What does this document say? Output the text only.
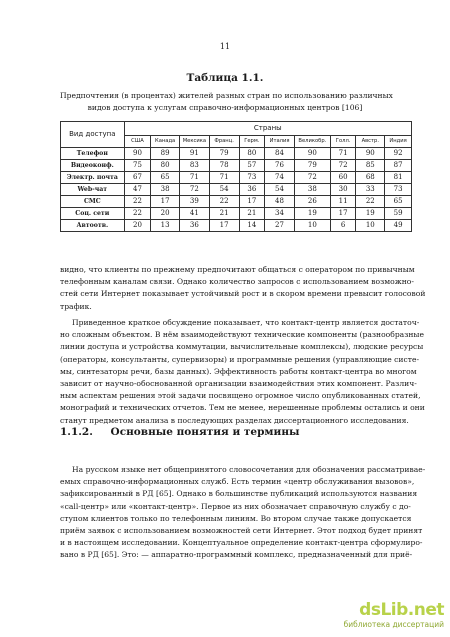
11
Таблица 1.1.
Предпочтения (в процентах) жителей разных стран по использованию различных
видов доступа к услугам справочно-информационных центров [106]
Вид доступа	Страны									
	США	Канада	Мексика	Франц.	Герм.	Италия	Великобр.	Голл.	Австр.	Индия
Телефон	90	89	91	79	80	84	90	71	90	92
Видеоконф.	75	80	83	78	57	76	79	72	85	87
Электр. почта	67	65	71	71	73	74	72	60	68	81
Web-чат	47	38	72	54	36	54	38	30	33	73
СМС	22	17	39	22	17	48	26	11	22	65
Соц. сети	22	20	41	21	21	34	19	17	19	59
Автоотв.	20	13	36	17	14	27	10	6	10	49
видно, что клиенты по прежнему предпочитают общаться с оператором по привычным
телефонным каналам связи. Однако количество запросов с использованием возможно-
стей сети Интернет показывает устойчивый рост и в скором времени превысит голосовой
трафик.
Приведенное краткое обсуждение показывает, что контакт-центр является достаточ-
но сложным объектом. В нём взаимодействуют технические компоненты (разнообразные
линии доступа и устройства коммутации, вычислительные комплексы), людские ресурсы
(операторы, консультанты, супервизоры) и программные решения (управляющие систе-
мы, синтезаторы речи, базы данных). Эффективность работы контакт-центра во многом
зависит от научно-обоснованной организации взаимодействия этих компонент. Различ-
ным аспектам решения этой задачи посвящено огромное число опубликованных статей,
монографий и технических отчетов. Тем не менее, нерешенные проблемы остались и они
станут предметом анализа в последующих разделах диссертационного исследования.
1.1.2. Основные понятия и термины
На русском языке нет общепринятого словосочетания для обозначения рассматривае-
емых справочно-информационных служб. Есть термин «центр обслуживания вызовов»,
зафиксированный в РД [65]. Однако в большинстве публикаций используются названия
«call-центр» или «контакт-центр». Первое из них обозначает справочную службу с до-
ступом клиентов только по телефонным линиям. Во втором случае также допускается
приём заявок с использованием возможностей сети Интернет. Этот подход будет принят
и в настоящем исследовании. Концептуальное определение контакт-центра сформулиро-
вано в РД [65]. Это: — аппаратно-программный комплекс, предназначенный для приё-
dsLib.net
библиотека диссертаций
